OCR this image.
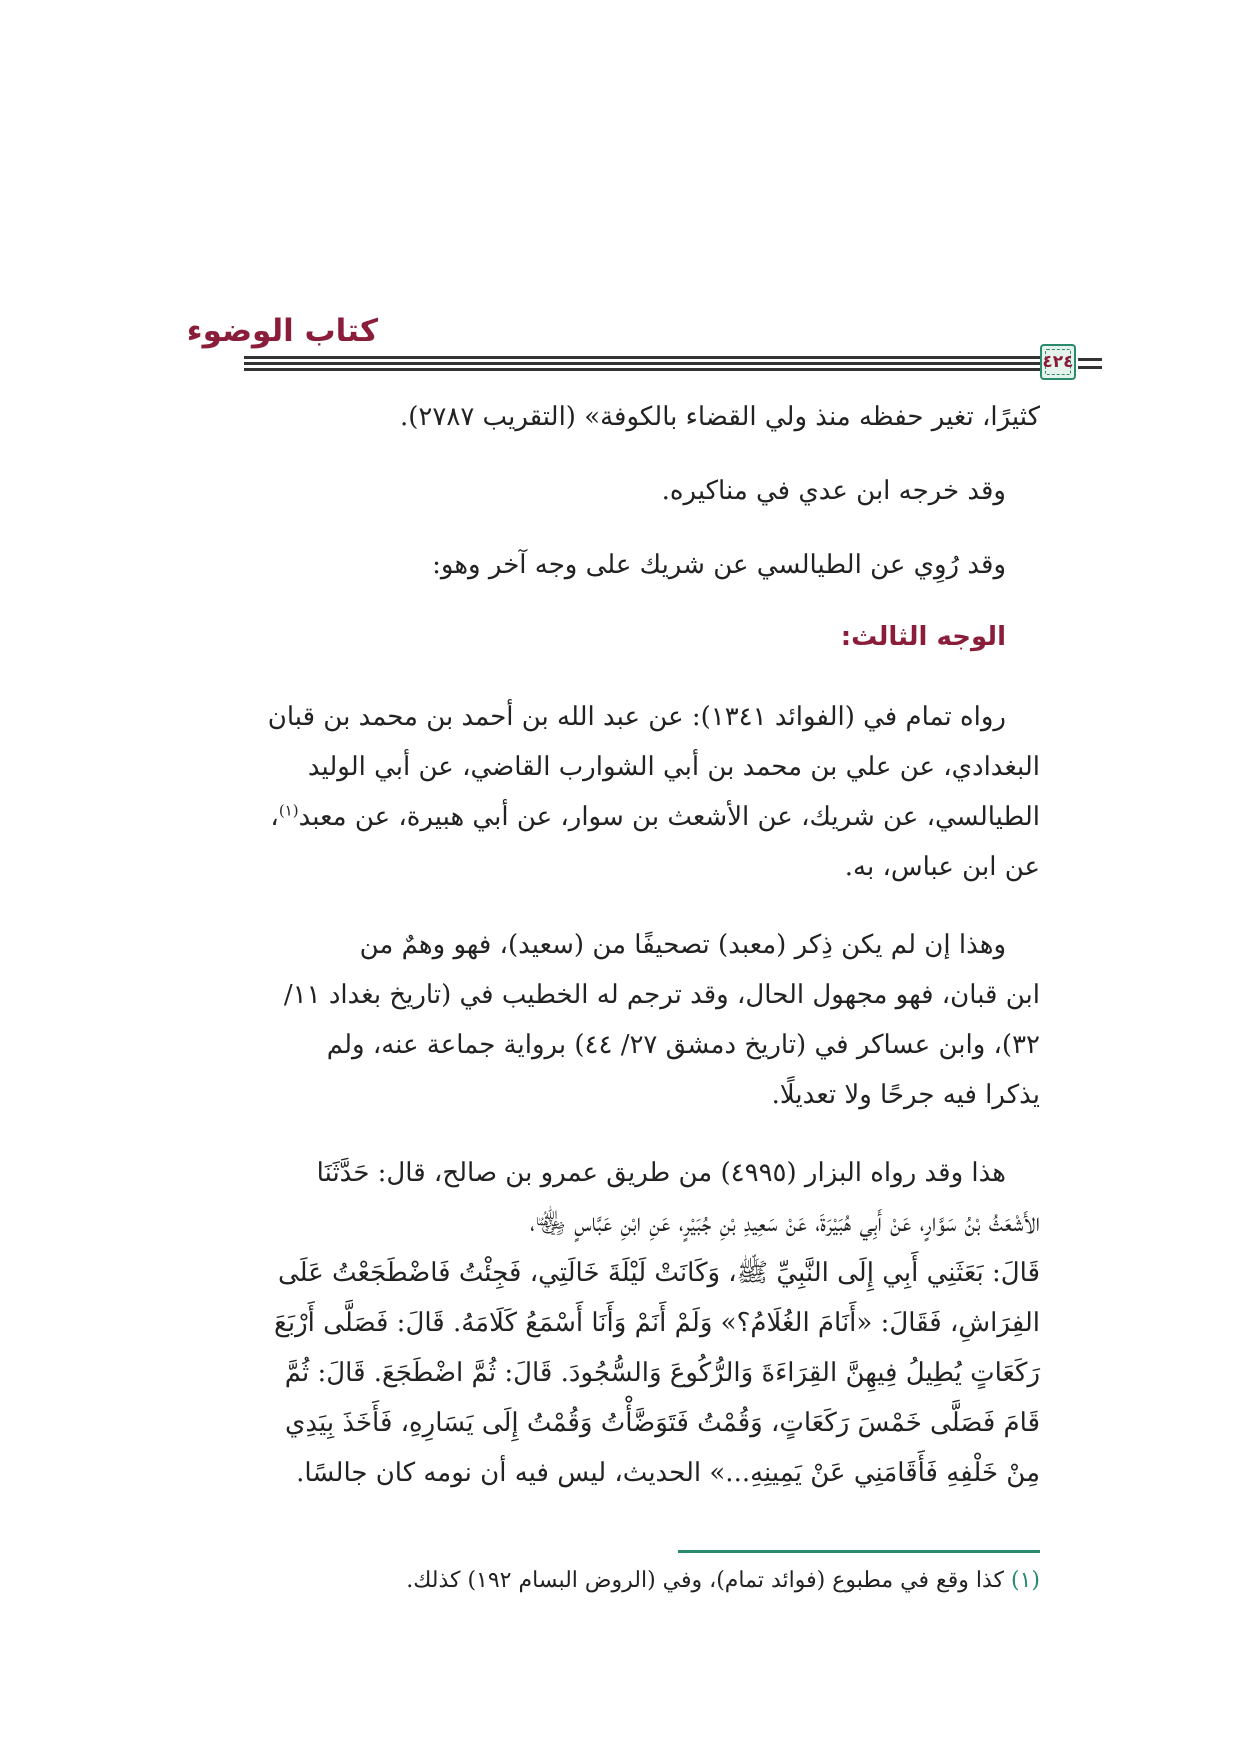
كتاب الوضوء
٤٢٤
كثيرًا، تغير حفظه منذ ولي القضاء بالكوفة» (التقريب ٢٧٨٧).
وقد خرجه ابن عدي في مناكيره.
وقد رُوِي عن الطيالسي عن شريك على وجه آخر وهو:
الوجه الثالث:
رواه تمام في (الفوائد ١٣٤١): عن عبد الله بن أحمد بن محمد بن قبان
البغدادي، عن علي بن محمد بن أبي الشوارب القاضي، عن أبي الوليد
الطيالسي، عن شريك، عن الأشعث بن سوار، عن أبي هبيرة، عن معبد$^{(١)}$،
عن ابن عباس، به.
وهذا إن لم يكن ذِكر (معبد) تصحيفًا من (سعيد)، فهو وهمٌ من
ابن قبان، فهو مجهول الحال، وقد ترجم له الخطيب في (تاريخ بغداد ١١/
٣٢)، وابن عساكر في (تاريخ دمشق ٢٧/ ٤٤) برواية جماعة عنه، ولم
يذكرا فيه جرحًا ولا تعديلًا.
هذا وقد رواه البزار (٤٩٩٥) من طريق عمرو بن صالح، قال: حَدَّثَنَا
الأَشْعَثُ بْنُ سَوَّارٍ، عَنْ أَبِي هُبَيْرَةَ، عَنْ سَعِيدِ بْنِ جُبَيْرٍ، عَنِ ابْنِ عَبَّاسٍ ﵄،
قَالَ: بَعَثَنِي أَبِي إِلَى النَّبِيِّ ﷺ، وَكَانَتْ لَيْلَةَ خَالَتِي، فَجِئْتُ فَاضْطَجَعْتُ عَلَى
الفِرَاشِ، فَقَالَ: «أَنَامَ الغُلَامُ؟» وَلَمْ أَنَمْ وَأَنَا أَسْمَعُ كَلَامَهُ. قَالَ: فَصَلَّى أَرْبَعَ
رَكَعَاتٍ يُطِيلُ فِيهِنَّ القِرَاءَةَ وَالرُّكُوعَ وَالسُّجُودَ. قَالَ: ثُمَّ اضْطَجَعَ. قَالَ: ثُمَّ
قَامَ فَصَلَّى خَمْسَ رَكَعَاتٍ، وَقُمْتُ فَتَوَضَّأْتُ وَقُمْتُ إِلَى يَسَارِهِ، فَأَخَذَ بِيَدِي
مِنْ خَلْفِهِ فَأَقَامَنِي عَنْ يَمِينِهِ...» الحديث، ليس فيه أن نومه كان جالسًا.
(١) كذا وقع في مطبوع (فوائد تمام)، وفي (الروض البسام ١٩٢) كذلك.
